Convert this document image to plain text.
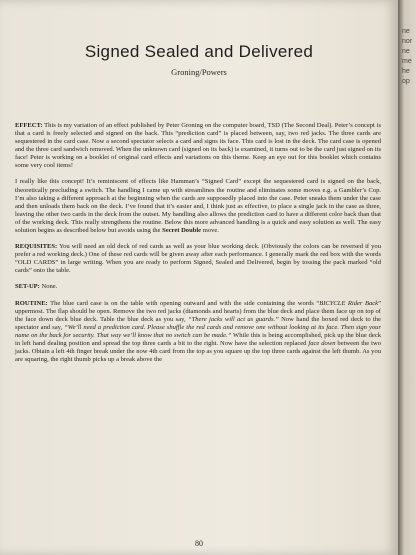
Signed Sealed and Delivered
Groning/Powers

EFFECT: This is my variation of an effect published by Peter Groning on the computer board, TSD (The Second Deal). Peter’s concept is that a card is freely selected and signed on the back. This “prediction card” is placed between, say, two red jacks. The three cards are sequestered in the card case. Now a second spectator selects a card and signs its face. This card is lost in the deck. The card case is opened and the three card sandwich removed. When the unknown card (signed on its back) is examined, it turns out to be the card just signed on its face! Peter is working on a booklet of original card effects and variations on this theme. Keep an eye out for this booklet which contains some very cool items!

I really like this concept! It’s reminiscent of effects like Hamman’s “Signed Card” except the sequestered card is signed on the back, theoretically precluding a switch. The handling I came up with streamlines the routine and eliminates some moves e.g. a Gambler’s Cop. I’m also taking a different approach at the beginning when the cards are supposedly placed into the case. Peter sneaks them under the case and then unloads them back on the deck. I’ve found that it’s easier and, I think just as effective, to place a single jack in the case as three, leaving the other two cards in the deck from the outset. My handling also allows the prediction card to have a different color back than that of the working deck. This really strengthens the routine. Below this more advanced handling is a quick and easy solution as well. The easy solution begins as described below but avoids using the Secret Double move.

REQUISITES: You will need an old deck of red cards as well as your blue working deck. (Obviously the colors can be reversed if you prefer a red working deck.) One of these red cards will be given away after each performance. I generally mark the red box with the words “OLD CARDS” in large writing. When you are ready to perform Signed, Sealed and Delivered, begin by tossing the pack marked “old cards” onto the table.

SET-UP: None.

ROUTINE: The blue card case is on the table with opening outward and with the side containing the words “BICYCLE Rider Back” uppermost. The flap should be open. Remove the two red jacks (diamonds and hearts) from the blue deck and place them face up on top of the face down deck blue deck. Table the blue deck as you say, “There jacks will act as guards.” Now hand the boxed red deck to the spectator and say, “We’ll need a prediction card. Please shuffle the red cards and remove one without looking at its face. Then sign your name on the back for security. That way we’ll know that no switch can be made.” While this is being accomplished, pick up the blue deck in left hand dealing position and spread the top three cards a bit to the right. Now have the selection replaced face down between the two jacks. Obtain a left 4th finger break under the now 4th card from the top as you square up the top three cards against the left thumb. As you are squaring, the right thumb picks up a break above the

80
ne
nor
ne
me
he
op
